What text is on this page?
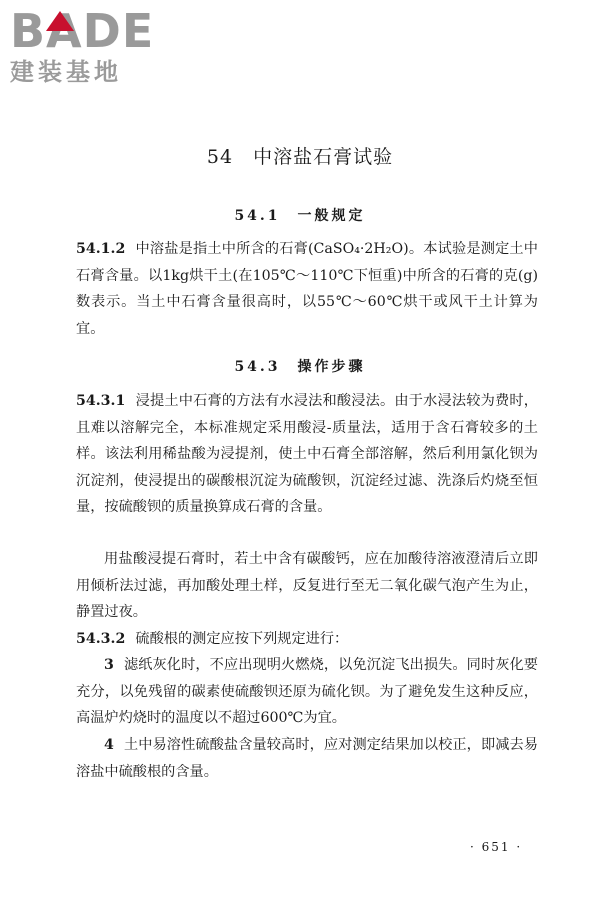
BADE
建装基地
54　中溶盐石膏试验
54.1　一般规定
54.1.2 中溶盐是指土中所含的石膏(CaSO₄·2H₂O)。本试验是测定土中石膏含量。以1kg烘干土(在105℃～110℃下恒重)中所含的石膏的克(g)数表示。当土中石膏含量很高时，以55℃～60℃烘干或风干土计算为宜。
54.3　操作步骤
54.3.1 浸提土中石膏的方法有水浸法和酸浸法。由于水浸法较为费时，且难以溶解完全，本标准规定采用酸浸-质量法，适用于含石膏较多的土样。该法利用稀盐酸为浸提剂，使土中石膏全部溶解，然后利用氯化钡为沉淀剂，使浸提出的碳酸根沉淀为硫酸钡，沉淀经过滤、洗涤后灼烧至恒量，按硫酸钡的质量换算成石膏的含量。
用盐酸浸提石膏时，若土中含有碳酸钙，应在加酸待溶液澄清后立即用倾析法过滤，再加酸处理土样，反复进行至无二氧化碳气泡产生为止，静置过夜。
54.3.2 硫酸根的测定应按下列规定进行：
3 滤纸灰化时，不应出现明火燃烧，以免沉淀飞出损失。同时灰化要充分，以免残留的碳素使硫酸钡还原为硫化钡。为了避免发生这种反应，高温炉灼烧时的温度以不超过600℃为宜。
4 土中易溶性硫酸盐含量较高时，应对测定结果加以校正，即减去易溶盐中硫酸根的含量。
· 651 ·
